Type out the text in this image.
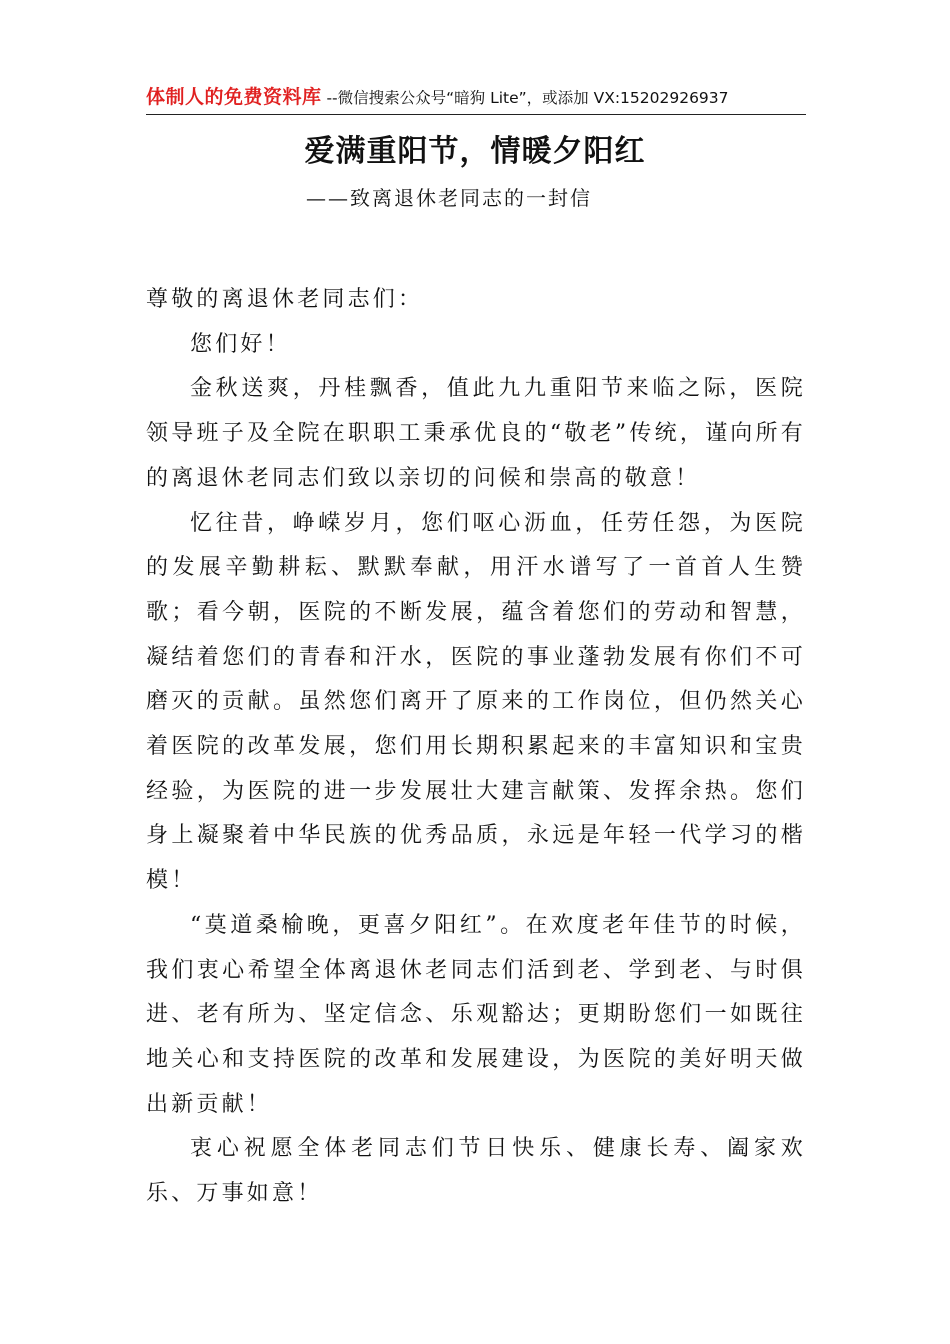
体制人的免费资料库 --微信搜索公众号“暗狗 Lite”，或添加 VX:15202926937
爱满重阳节，情暖夕阳红
——致离退休老同志的一封信

尊敬的离退休老同志们：

您们好！

金秋送爽，丹桂飘香，值此九九重阳节来临之际，医院领导班子及全院在职职工秉承优良的“敬老”传统，谨向所有的离退休老同志们致以亲切的问候和崇高的敬意！

忆往昔，峥嵘岁月，您们呕心沥血，任劳任怨，为医院的发展辛勤耕耘、默默奉献，用汗水谱写了一首首人生赞歌；看今朝，医院的不断发展，蕴含着您们的劳动和智慧，凝结着您们的青春和汗水，医院的事业蓬勃发展有你们不可磨灭的贡献。虽然您们离开了原来的工作岗位，但仍然关心着医院的改革发展，您们用长期积累起来的丰富知识和宝贵经验，为医院的进一步发展壮大建言献策、发挥余热。您们身上凝聚着中华民族的优秀品质，永远是年轻一代学习的楷模！

“莫道桑榆晚，更喜夕阳红”。在欢度老年佳节的时候，我们衷心希望全体离退休老同志们活到老、学到老、与时俱进、老有所为、坚定信念、乐观豁达；更期盼您们一如既往地关心和支持医院的改革和发展建设，为医院的美好明天做出新贡献！

衷心祝愿全体老同志们节日快乐、健康长寿、阖家欢乐、万事如意！
